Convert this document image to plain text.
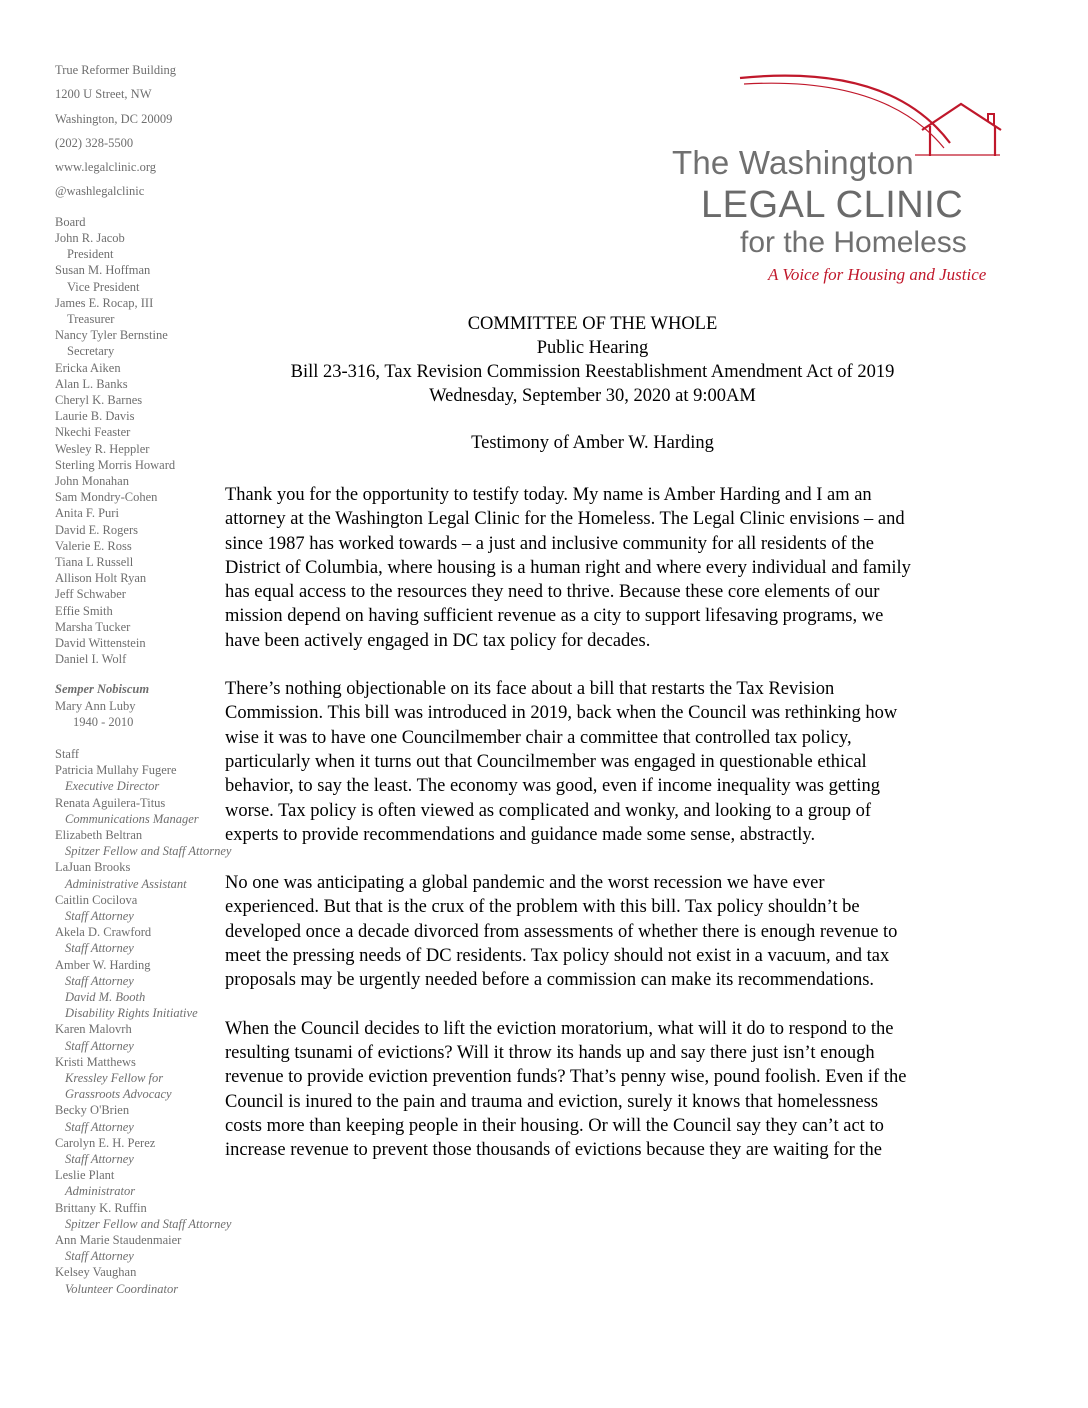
True Reformer Building
1200 U Street, NW
Washington, DC 20009
(202) 328-5500
www.legalclinic.org
@washlegalclinic
Board
John R. Jacob
President
Susan M. Hoffman
Vice President
James E. Rocap, III
Treasurer
Nancy Tyler Bernstine
Secretary
Ericka Aiken
Alan L. Banks
Cheryl K. Barnes
Laurie B. Davis
Nkechi Feaster
Wesley R. Heppler
Sterling Morris Howard
John Monahan
Sam Mondry-Cohen
Anita F. Puri
David E. Rogers
Valerie E. Ross
Tiana L Russell
Allison Holt Ryan
Jeff Schwaber
Effie Smith
Marsha Tucker
David Wittenstein
Daniel I. Wolf
Semper Nobiscum
Mary Ann Luby
1940 - 2010
Staff
Patricia Mullahy Fugere
Executive Director
Renata Aguilera-Titus
Communications Manager
Elizabeth Beltran
Spitzer Fellow and Staff Attorney
LaJuan Brooks
Administrative Assistant
Caitlin Cocilova
Staff Attorney
Akela D. Crawford
Staff Attorney
Amber W. Harding
Staff Attorney
David M. Booth
Disability Rights Initiative
Karen Malovrh
Staff Attorney
Kristi Matthews
Kressley Fellow for
Grassroots Advocacy
Becky O'Brien
Staff Attorney
Carolyn E. H. Perez
Staff Attorney
Leslie Plant
Administrator
Brittany K. Ruffin
Spitzer Fellow and Staff Attorney
Ann Marie Staudenmaier
Staff Attorney
Kelsey Vaughan
Volunteer Coordinator
The Washington
LEGAL CLINIC
for the Homeless
A Voice for Housing and Justice
COMMITTEE OF THE WHOLE
Public Hearing
Bill 23-316, Tax Revision Commission Reestablishment Amendment Act of 2019
Wednesday, September 30, 2020 at 9:00AM
Testimony of Amber W. Harding

Thank you for the opportunity to testify today. My name is Amber Harding and I am an
attorney at the Washington Legal Clinic for the Homeless. The Legal Clinic envisions – and
since 1987 has worked towards – a just and inclusive community for all residents of the
District of Columbia, where housing is a human right and where every individual and family
has equal access to the resources they need to thrive. Because these core elements of our
mission depend on having sufficient revenue as a city to support lifesaving programs, we
have been actively engaged in DC tax policy for decades.

There’s nothing objectionable on its face about a bill that restarts the Tax Revision
Commission. This bill was introduced in 2019, back when the Council was rethinking how
wise it was to have one Councilmember chair a committee that controlled tax policy,
particularly when it turns out that Councilmember was engaged in questionable ethical
behavior, to say the least. The economy was good, even if income inequality was getting
worse. Tax policy is often viewed as complicated and wonky, and looking to a group of
experts to provide recommendations and guidance made some sense, abstractly.

No one was anticipating a global pandemic and the worst recession we have ever
experienced. But that is the crux of the problem with this bill. Tax policy shouldn’t be
developed once a decade divorced from assessments of whether there is enough revenue to
meet the pressing needs of DC residents. Tax policy should not exist in a vacuum, and tax
proposals may be urgently needed before a commission can make its recommendations.

When the Council decides to lift the eviction moratorium, what will it do to respond to the
resulting tsunami of evictions? Will it throw its hands up and say there just isn’t enough
revenue to provide eviction prevention funds? That’s penny wise, pound foolish. Even if the
Council is inured to the pain and trauma and eviction, surely it knows that homelessness
costs more than keeping people in their housing. Or will the Council say they can’t act to
increase revenue to prevent those thousands of evictions because they are waiting for the
